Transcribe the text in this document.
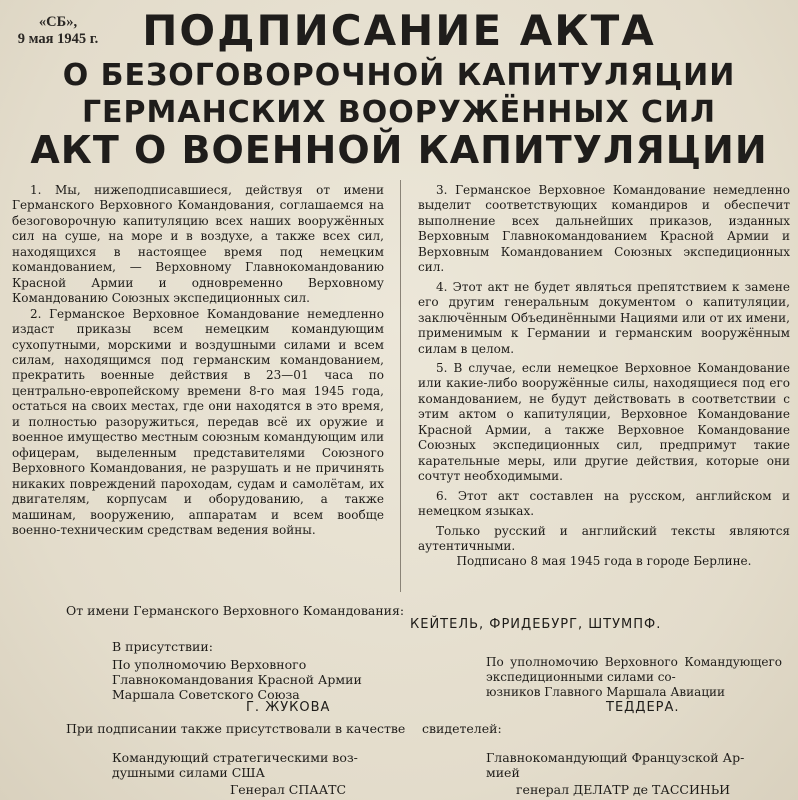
«СБ»,
9 мая 1945 г.	ПОДПИСАНИЕ АКТА
О БЕЗОГОВОРОЧНОЙ КАПИТУЛЯЦИИ
ГЕРМАНСКИХ ВООРУЖЁННЫХ СИЛ
АКТ О ВОЕННОЙ КАПИТУЛЯЦИИ

1. Мы, нижеподписавшиеся, действуя от имени Германского Верховного Командования, соглашаемся на безоговорочную капитуляцию всех наших вооружённых сил на суше, на море и в воздухе, а также всех сил, находящихся в настоящее время под немецким командованием, — Верховному Главнокомандованию Красной Армии и одновременно Верховному Командованию Союзных экспедиционных сил.

2. Германское Верховное Командование немедленно издаст приказы всем немецким командующим сухопутными, морскими и воздушными силами и всем силам, находящимся под германским командованием, прекратить военные действия в 23—01 часа по центрально-европейскому времени 8-го мая 1945 года, остаться на своих местах, где они находятся в это время, и полностью разоружиться, передав всё их оружие и военное имущество местным союзным командующим или офицерам, выделенным представителями Союзного Верховного Командования, не разрушать и не причинять никаких повреждений пароходам, судам и самолётам, их двигателям, корпусам и оборудованию, а также машинам, вооружению, аппаратам и всем вообще военно-техническим средствам ведения войны.

3. Германское Верховное Командование немедленно выделит соответствующих командиров и обеспечит выполнение всех дальнейших приказов, изданных Верховным Главнокомандованием Красной Армии и Верховным Командованием Союзных экспедиционных сил.

4. Этот акт не будет являться препятствием к замене его другим генеральным документом о капитуляции, заключённым Объединёнными Нациями или от их имени, применимым к Германии и германским вооружённым силам в целом.

5. В случае, если немецкое Верховное Командование или какие-либо вооружённые силы, находящиеся под его командованием, не будут действовать в соответствии с этим актом о капитуляции, Верховное Командование Красной Армии, а также Верховное Командование Союзных экспедиционных сил, предпримут такие карательные меры, или другие действия, которые они сочтут необходимыми.

6. Этот акт составлен на русском, английском и немецком языках.

Только русский и английский тексты являются аутентичными.

Подписано 8 мая 1945 года в городе Берлине.

От имени Германского Верховного Командования:
КЕЙТЕЛЬ, ФРИДЕБУРГ, ШТУМПФ.
В присутствии:
По уполномочию Верховного
Главнокомандования Красной Армии
Маршала Советского Союза
Г. ЖУКОВА
По уполномочию Верховного Командующего экспедиционными силами со-
юзников Главного Маршала Авиации
ТЕДДЕРА.
При подписании также присутствовали в качестве свидетелей:
Командующий стратегическими воз-
душными силами США
Генерал СПААТС
Главнокомандующий Французской Ар-
мией
генерал ДЕЛАТР де ТАССИНЬИ
